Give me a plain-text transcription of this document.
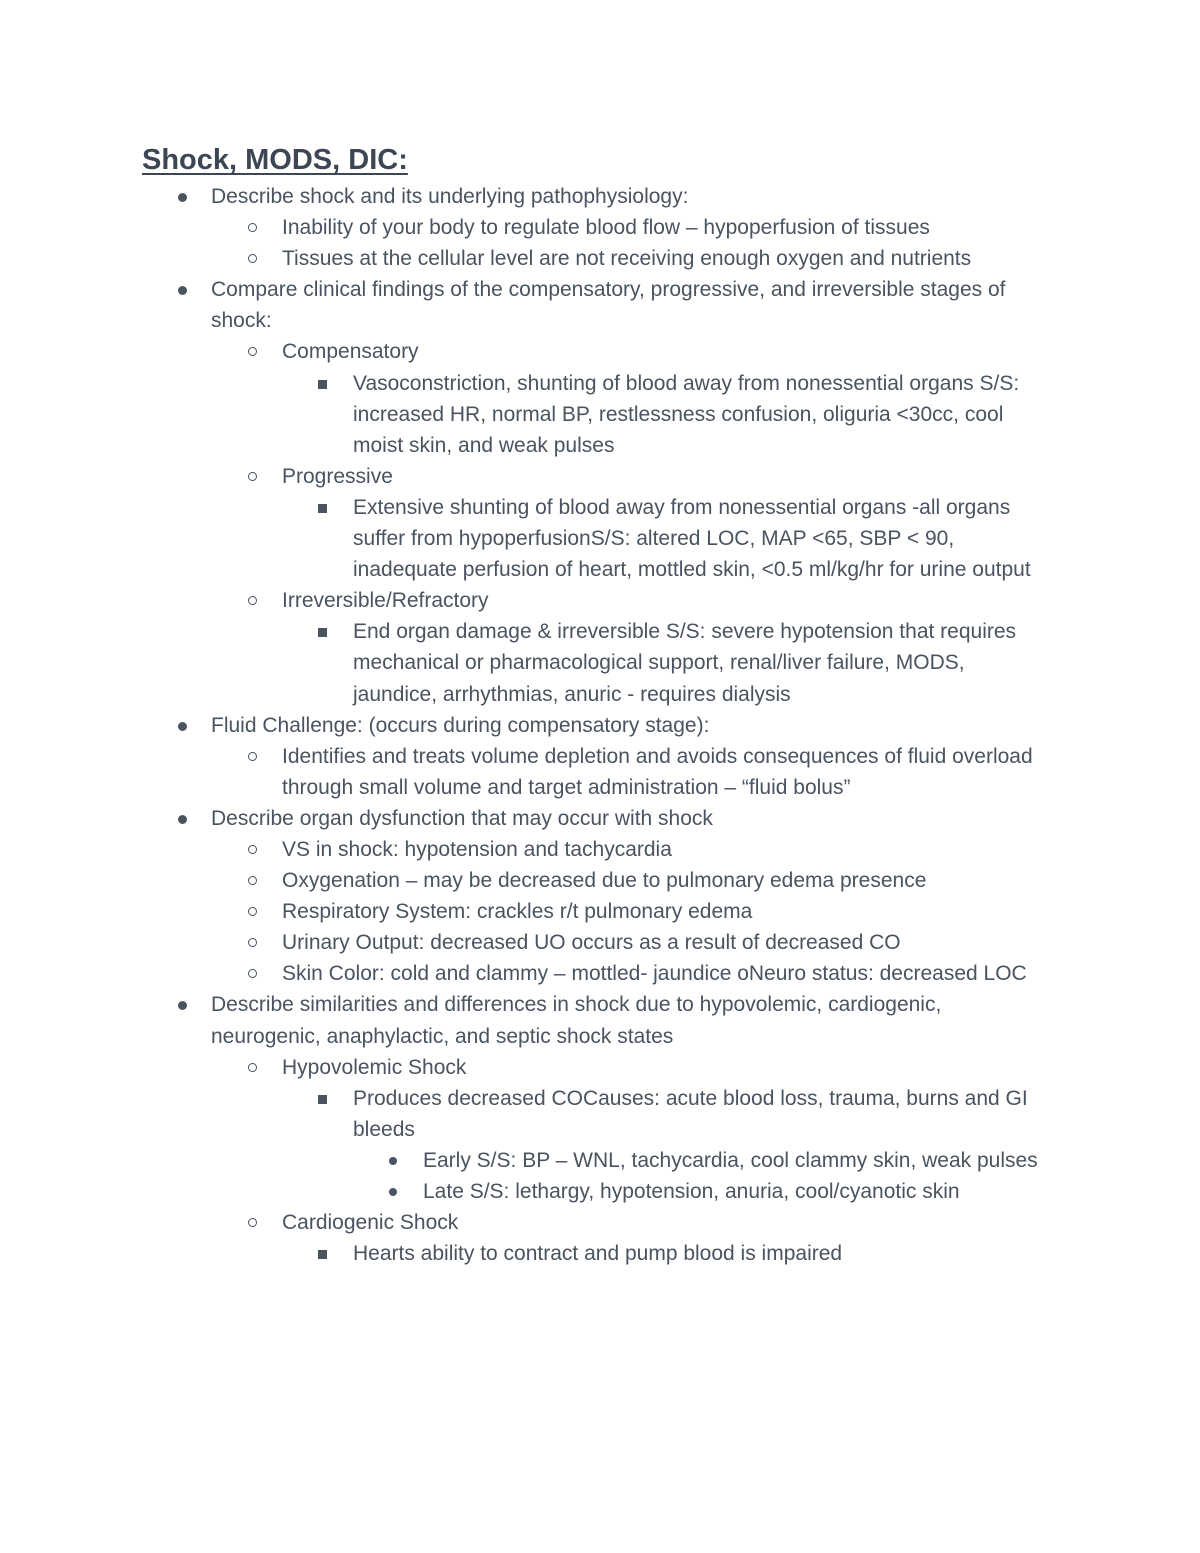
Shock, MODS, DIC:
Describe shock and its underlying pathophysiology:
Inability of your body to regulate blood flow – hypoperfusion of tissues
Tissues at the cellular level are not receiving enough oxygen and nutrients
Compare clinical findings of the compensatory, progressive, and irreversible stages of shock:
Compensatory
Vasoconstriction, shunting of blood away from nonessential organs S/S: increased HR, normal BP, restlessness confusion, oliguria <30cc, cool moist skin, and weak pulses
Progressive
Extensive shunting of blood away from nonessential organs -all organs suffer from hypoperfusionS/S: altered LOC, MAP <65, SBP < 90, inadequate perfusion of heart, mottled skin, <0.5 ml/kg/hr for urine output
Irreversible/Refractory
End organ damage & irreversible S/S: severe hypotension that requires mechanical or pharmacological support, renal/liver failure, MODS, jaundice, arrhythmias, anuric - requires dialysis
Fluid Challenge: (occurs during compensatory stage):
Identifies and treats volume depletion and avoids consequences of fluid overload through small volume and target administration – “fluid bolus”
Describe organ dysfunction that may occur with shock
VS in shock: hypotension and tachycardia
Oxygenation – may be decreased due to pulmonary edema presence
Respiratory System: crackles r/t pulmonary edema
Urinary Output: decreased UO occurs as a result of decreased CO
Skin Color: cold and clammy – mottled- jaundice oNeuro status: decreased LOC
Describe similarities and differences in shock due to hypovolemic, cardiogenic, neurogenic, anaphylactic, and septic shock states
Hypovolemic Shock
Produces decreased COCauses: acute blood loss, trauma, burns and GI bleeds
Early S/S: BP – WNL, tachycardia, cool clammy skin, weak pulses
Late S/S: lethargy, hypotension, anuria, cool/cyanotic skin
Cardiogenic Shock
Hearts ability to contract and pump blood is impaired
